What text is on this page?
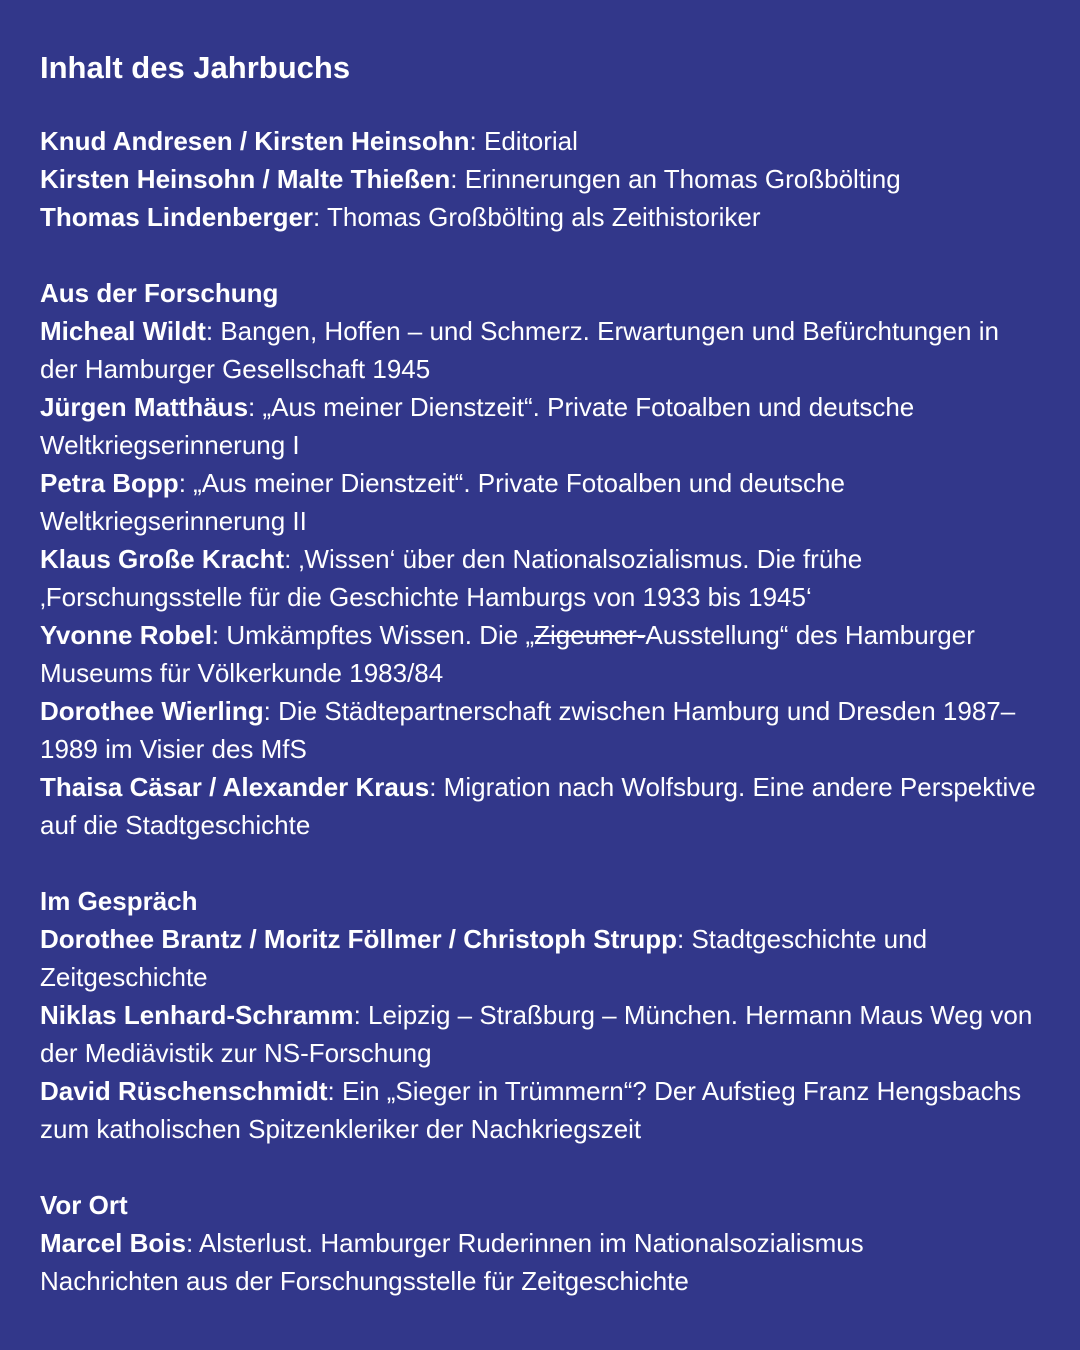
Inhalt des Jahrbuchs

Knud Andresen / Kirsten Heinsohn: Editorial

Kirsten Heinsohn / Malte Thießen: Erinnerungen an Thomas Großbölting

Thomas Lindenberger: Thomas Großbölting als Zeithistoriker

Aus der Forschung

Micheal Wildt: Bangen, Hoffen – und Schmerz. Erwartungen und Befürchtungen in der Hamburger Gesellschaft 1945

Jürgen Matthäus: „Aus meiner Dienstzeit“. Private Fotoalben und deutsche Weltkriegserinnerung I

Petra Bopp: „Aus meiner Dienstzeit“. Private Fotoalben und deutsche Weltkriegserinnerung II

Klaus Große Kracht: ‚Wissen‘ über den Nationalsozialismus. Die frühe ‚Forschungsstelle für die Geschichte Hamburgs von 1933 bis 1945‘

Yvonne Robel: Umkämpftes Wissen. Die „Zigeuner-Ausstellung“ des Hamburger Museums für Völkerkunde 1983/84

Dorothee Wierling: Die Städtepartnerschaft zwischen Hamburg und Dresden 1987–1989 im Visier des MfS

Thaisa Cäsar / Alexander Kraus: Migration nach Wolfsburg. Eine andere Perspektive auf die Stadtgeschichte

Im Gespräch

Dorothee Brantz / Moritz Föllmer / Christoph Strupp: Stadtgeschichte und Zeitgeschichte

Niklas Lenhard-Schramm: Leipzig – Straßburg – München. Hermann Maus Weg von der Mediävistik zur NS-Forschung

David Rüschenschmidt: Ein „Sieger in Trümmern“? Der Aufstieg Franz Hengsbachs zum katholischen Spitzenkleriker der Nachkriegszeit

Vor Ort

Marcel Bois: Alsterlust. Hamburger Ruderinnen im Nationalsozialismus

Nachrichten aus der Forschungsstelle für Zeitgeschichte
